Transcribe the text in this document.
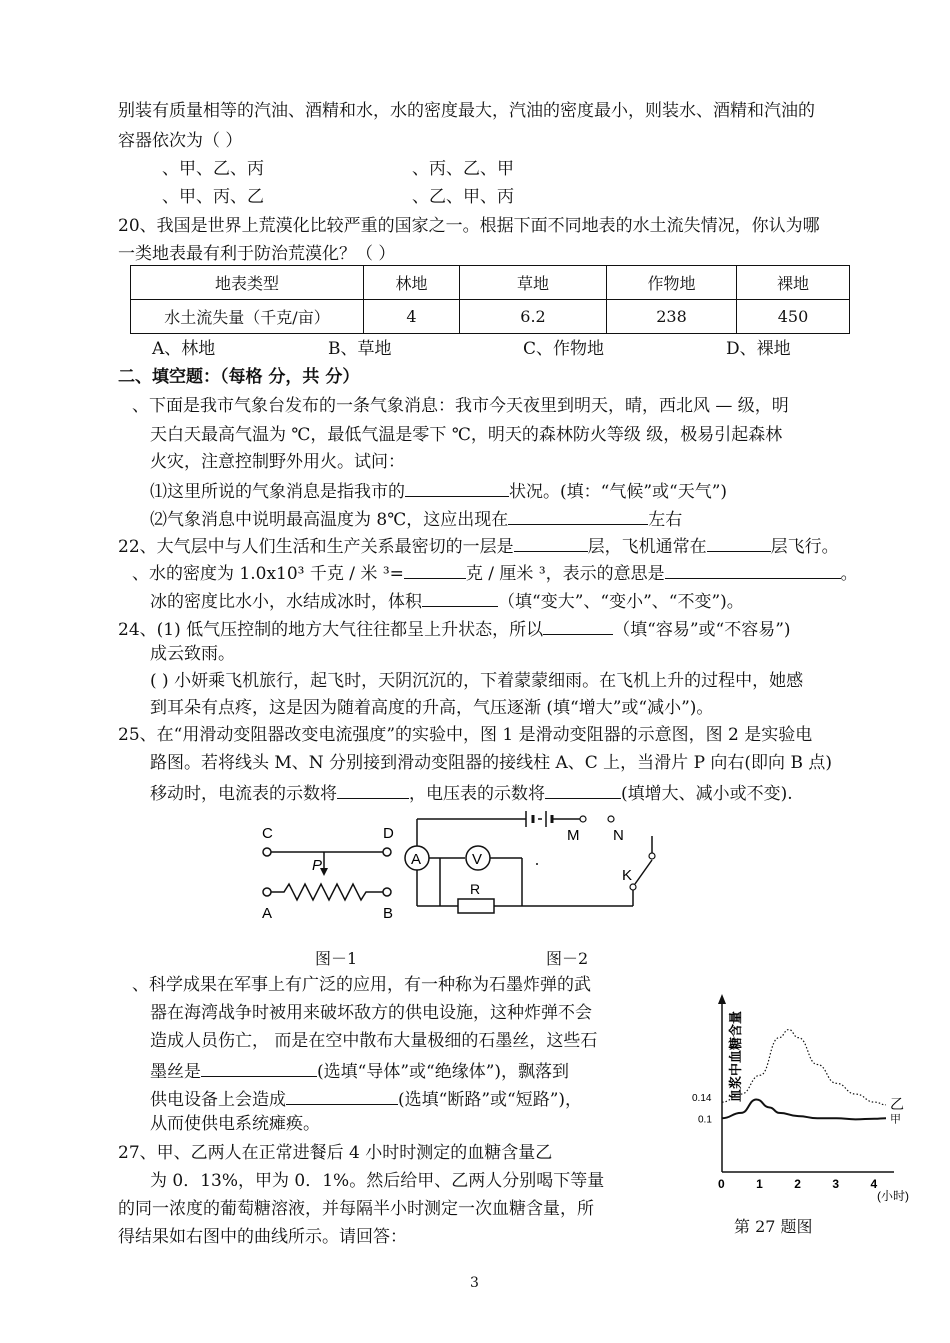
别装有质量相等的汽油、酒精和水，水的密度最大，汽油的密度最小，则装水、酒精和汽油的
容器依次为（ ）
、甲、乙、丙	、丙、乙、甲
、甲、丙、乙	、乙、甲、丙
20、我国是世界上荒漠化比较严重的国家之一。根据下面不同地表的水土流失情况，你认为哪
一类地表最有利于防治荒漠化？（ ）
地表类型	林地	草地	作物地	裸地
水土流失量（千克/亩）	4	6.2	238	450
A、林地	B、草地	C、作物地	D、裸地
二、填空题：（每格 分，共 分）
、下面是我市气象台发布的一条气象消息：我市今天夜里到明天，晴，西北风 — 级，明
天白天最高气温为 ℃，最低气温是零下 ℃，明天的森林防火等级 级，极易引起森林
火灾，注意控制野外用火。试问：
⑴这里所说的气象消息是指我市的	状况。(填：“气候”或“天气”)
⑵气象消息中说明最高温度为 8℃，这应出现在	左右
22、大气层中与人们生活和生产关系最密切的一层是	层，飞机通常在	层飞行。
、水的密度为 1.0x10³ 千克 / 米 ³=	克 / 厘米 ³，表示的意思是	。
冰的密度比水小，水结成冰时，体积	（填“变大”、“变小”、“不变”)。
24、(1) 低气压控制的地方大气往往都呈上升状态，所以	（填“容易”或“不容易”)
成云致雨。
( ) 小妍乘飞机旅行，起飞时，天阴沉沉的，下着蒙蒙细雨。在飞机上升的过程中，她感
到耳朵有点疼，这是因为随着高度的升高，气压逐渐 (填“增大”或“减小”)。
25、在“用滑动变阻器改变电流强度”的实验中，图 1 是滑动变阻器的示意图，图 2 是实验电
路图。若将线头 M、N 分别接到滑动变阻器的接线柱 A、C 上，当滑片 P 向右(即向 B 点)
移动时，电流表的示数将	，电压表的示数将	(填增大、减小或不变).
C	D
P
A	B
A	V
R
M N
K
图－1	图－2
、科学成果在军事上有广泛的应用，有一种称为石墨炸弹的武
器在海湾战争时被用来破坏敌方的供电设施，这种炸弹不会
造成人员伤亡， 而是在空中散布大量极细的石墨丝，这些石
墨丝是	(选填“导体”或“绝缘体”)，飘落到
供电设备上会造成	(选填“断路”或“短路”)，
从而使供电系统瘫痪。
27、甲、乙两人在正常进餐后 4 小时时测定的血糖含量乙
为 0．13%，甲为 0．1%。然后给甲、乙两人分别喝下等量
的同一浓度的葡萄糖溶液，并每隔半小时测定一次血糖含量，所
得结果如右图中的曲线所示。请回答：
血浆中血糖含量
(小时)
0	1	2	3	4
0.1
0.14	乙
甲
第 27 题图
3
